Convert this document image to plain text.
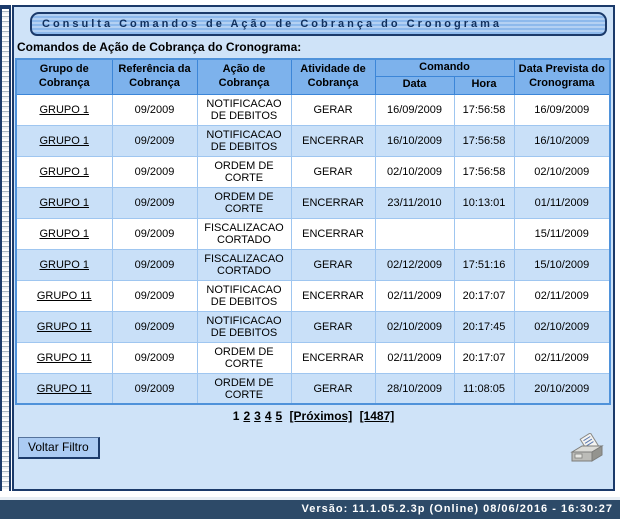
Consulta Comandos de Ação de Cobrança do Cronograma
Comandos de Ação de Cobrança do Cronograma:
Grupo de Cobrança	Referência da Cobrança	Ação de Cobrança	Atividade de Cobrança	Comando		Data Prevista do Cronograma
				Data	Hora	
GRUPO 1	09/2009	NOTIFICACAO DE DEBITOS	GERAR	16/09/2009	17:56:58	16/09/2009
GRUPO 1	09/2009	NOTIFICACAO DE DEBITOS	ENCERRAR	16/10/2009	17:56:58	16/10/2009
GRUPO 1	09/2009	ORDEM DE CORTE	GERAR	02/10/2009	17:56:58	02/10/2009
GRUPO 1	09/2009	ORDEM DE CORTE	ENCERRAR	23/11/2010	10:13:01	01/11/2009
GRUPO 1	09/2009	FISCALIZACAO CORTADO	ENCERRAR			15/11/2009
GRUPO 1	09/2009	FISCALIZACAO CORTADO	GERAR	02/12/2009	17:51:16	15/10/2009
GRUPO 11	09/2009	NOTIFICACAO DE DEBITOS	ENCERRAR	02/11/2009	20:17:07	02/11/2009
GRUPO 11	09/2009	NOTIFICACAO DE DEBITOS	GERAR	02/10/2009	20:17:45	02/10/2009
GRUPO 11	09/2009	ORDEM DE CORTE	ENCERRAR	02/11/2009	20:17:07	02/11/2009
GRUPO 11	09/2009	ORDEM DE CORTE	GERAR	28/10/2009	11:08:05	20/10/2009
1 2 3 4 5 [Próximos] [1487]
Voltar Filtro
Versão: 11.1.05.2.3p (Online) 08/06/2016 - 16:30:27
